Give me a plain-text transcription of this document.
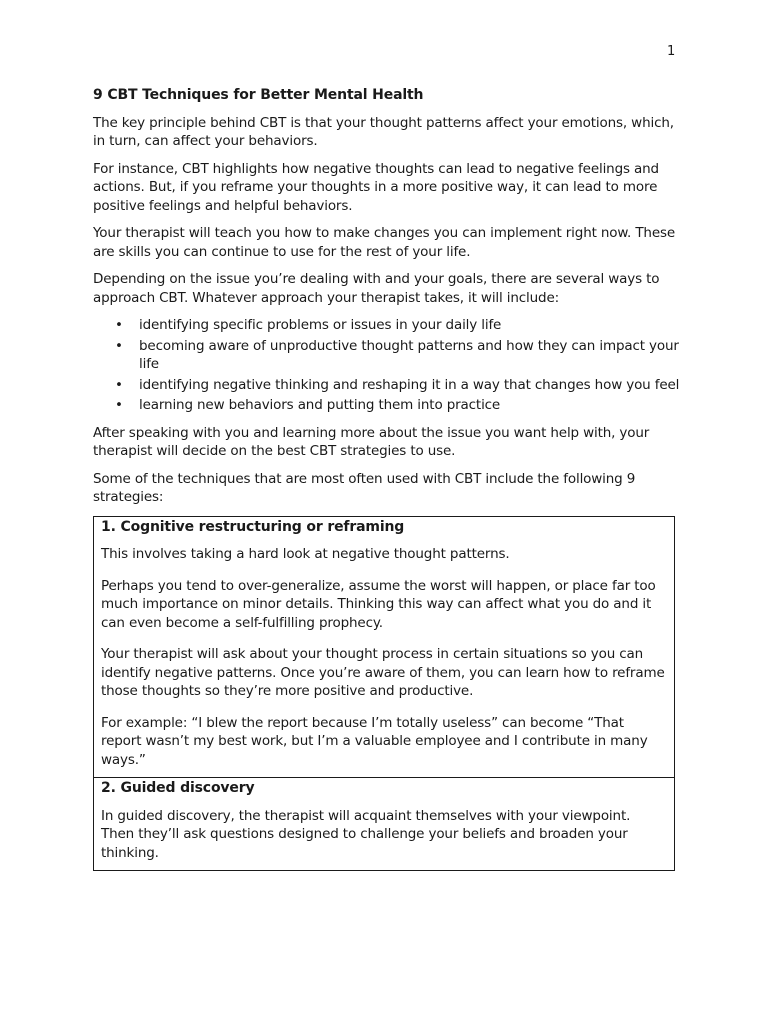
1
9 CBT Techniques for Better Mental Health

The key principle behind CBT is that your thought patterns affect your emotions, which, in turn, can affect your behaviors.

For instance, CBT highlights how negative thoughts can lead to negative feelings and actions. But, if you reframe your thoughts in a more positive way, it can lead to more positive feelings and helpful behaviors.

Your therapist will teach you how to make changes you can implement right now. These are skills you can continue to use for the rest of your life.

Depending on the issue you’re dealing with and your goals, there are several ways to approach CBT. Whatever approach your therapist takes, it will include:

• identifying specific problems or issues in your daily life
• becoming aware of unproductive thought patterns and how they can impact your life
• identifying negative thinking and reshaping it in a way that changes how you feel
• learning new behaviors and putting them into practice

After speaking with you and learning more about the issue you want help with, your therapist will decide on the best CBT strategies to use.

Some of the techniques that are most often used with CBT include the following 9 strategies:

1. Cognitive restructuring or reframing

This involves taking a hard look at negative thought patterns.

Perhaps you tend to over-generalize, assume the worst will happen, or place far too much importance on minor details. Thinking this way can affect what you do and it can even become a self-fulfilling prophecy.

Your therapist will ask about your thought process in certain situations so you can identify negative patterns. Once you’re aware of them, you can learn how to reframe those thoughts so they’re more positive and productive.

For example: “I blew the report because I’m totally useless” can become “That report wasn’t my best work, but I’m a valuable employee and I contribute in many ways.”

2. Guided discovery

In guided discovery, the therapist will acquaint themselves with your viewpoint. Then they’ll ask questions designed to challenge your beliefs and broaden your thinking.
